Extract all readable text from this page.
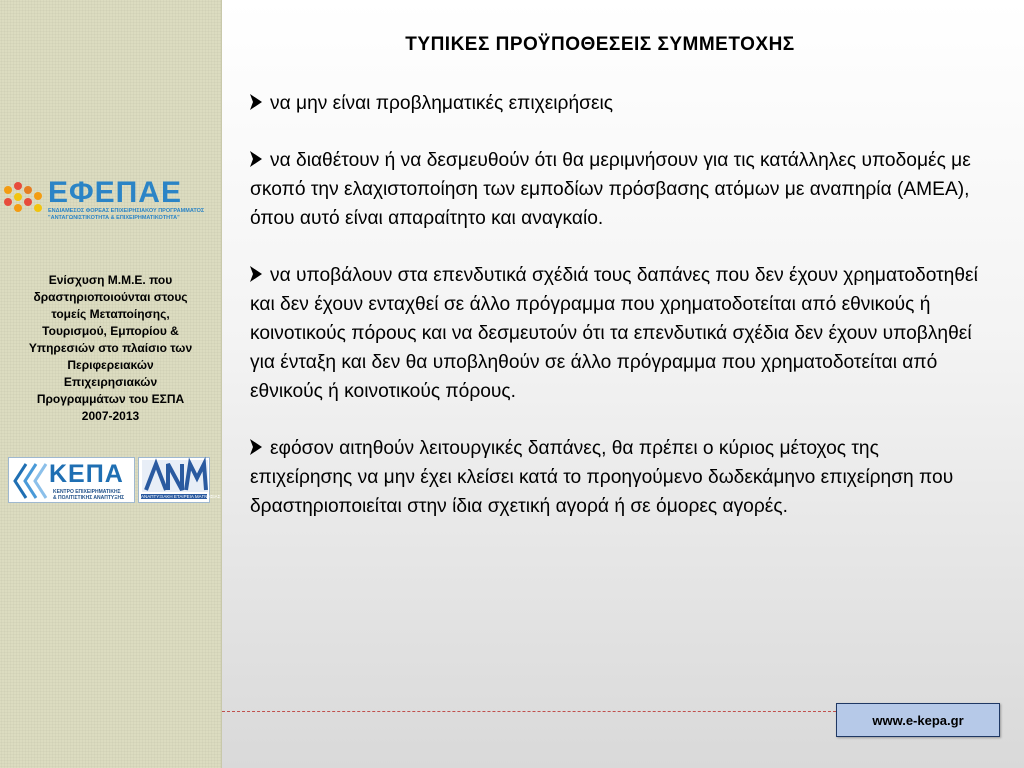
ΕΦΕΠΑΕ
ΕΝΔΙΑΜΕΣΟΣ ΦΟΡΕΑΣ ΕΠΙΧΕΙΡΗΣΙΑΚΟΥ ΠΡΟΓΡΑΜΜΑΤΟΣ
"ΑΝΤΑΓΩΝΙΣΤΙΚΟΤΗΤΑ & ΕΠΙΧΕΙΡΗΜΑΤΙΚΟΤΗΤΑ"
Ενίσχυση Μ.Μ.Ε. που
δραστηριοποιούνται στους
τομείς Μεταποίησης,
Τουρισμού, Εμπορίου &
Υπηρεσιών στο πλαίσιο των
Περιφερειακών
Επιχειρησιακών
Προγραμμάτων του ΕΣΠΑ
2007-2013
ΚΕΠΑ
ΚΕΝΤΡΟ ΕΠΙΧΕΙΡΗΜΑΤΙΚΗΣ
& ΠΟΛΙΤΙΣΤΙΚΗΣ ΑΝΑΠΤΥΞΗΣ	ΑΝΑΠΤΥΞΙΑΚΗ ΕΤΑΙΡΕΙΑ ΜΑΓΝΗΣΙΑΣ
ΤΥΠΙΚΕΣ ΠΡΟΫΠΟΘΕΣΕΙΣ ΣΥΜΜΕΤΟΧΗΣ
να μην είναι προβληματικές επιχειρήσεις
να διαθέτουν ή να δεσμευθούν ότι θα μεριμνήσουν για τις κατάλληλες υποδομές με σκοπό την ελαχιστοποίηση των εμποδίων πρόσβασης ατόμων με αναπηρία (ΑΜΕΑ), όπου αυτό είναι απαραίτητο και αναγκαίο.
να υποβάλουν στα επενδυτικά σχέδιά τους δαπάνες που δεν έχουν χρηματοδοτηθεί και δεν έχουν ενταχθεί σε άλλο πρόγραμμα που χρηματοδοτείται από εθνικούς ή κοινοτικούς πόρους και να δεσμευτούν ότι τα επενδυτικά σχέδια δεν έχουν υποβληθεί για ένταξη και δεν θα υποβληθούν σε άλλο πρόγραμμα που χρηματοδοτείται από εθνικούς ή κοινοτικούς πόρους.
εφόσον αιτηθούν λειτουργικές δαπάνες, θα πρέπει ο κύριος μέτοχος της επιχείρησης να μην έχει κλείσει κατά το προηγούμενο δωδεκάμηνο επιχείρηση που δραστηριοποιείται στην ίδια σχετική αγορά ή σε όμορες αγορές.
www.e-kepa.gr
